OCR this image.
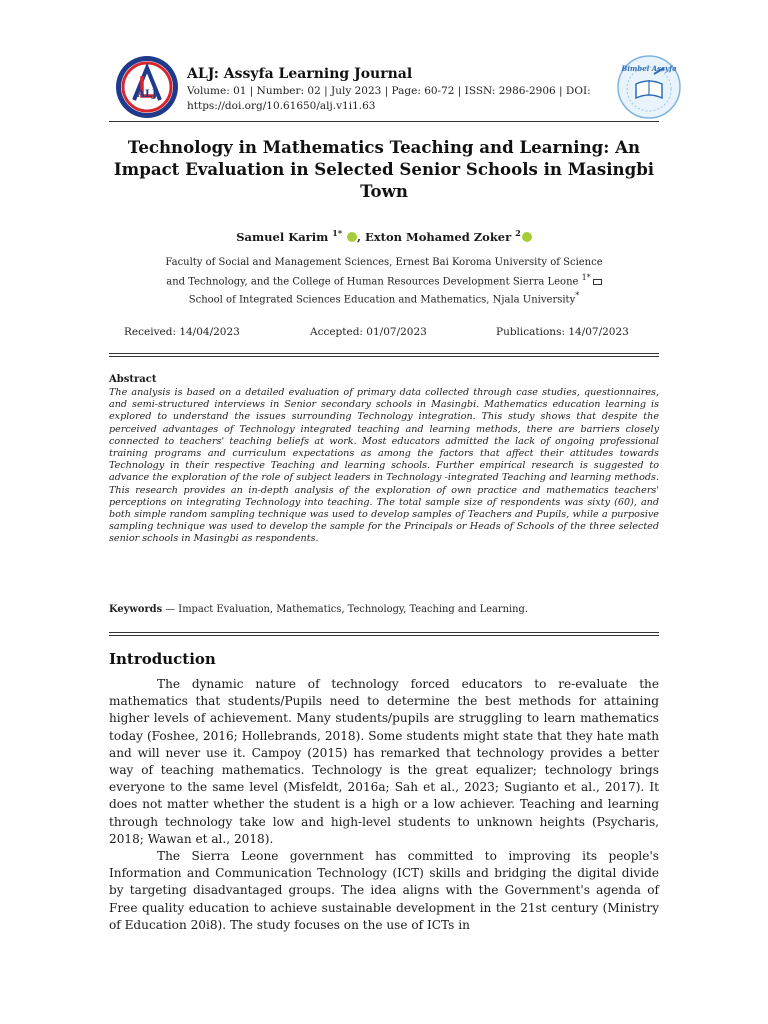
ALJ
ALJ: Assyfa Learning Journal
Volume: 01 | Number: 02 | July 2023 | Page: 60-72 | ISSN: 2986-2906 | DOI:
https://doi.org/10.61650/alj.v1i1.63
Bimbel Assyfa
Technology in Mathematics Teaching and Learning: An Impact Evaluation in Selected Senior Schools in Masingbi Town
Samuel Karim $^{1*}$ , Exton Mohamed Zoker $^2$
Faculty of Social and Management Sciences, Ernest Bai Koroma University of Science
and Technology, and the College of Human Resources Development Sierra Leone $^{1*}$
School of Integrated Sciences Education and Mathematics, Njala University*
Received: 14/04/2023	Accepted: 01/07/2023	Publications: 14/07/2023
Abstract
The analysis is based on a detailed evaluation of primary data collected through case studies, questionnaires, and semi-structured interviews in Senior secondary schools in Masingbi. Mathematics education learning is explored to understand the issues surrounding Technology integration. This study shows that despite the perceived advantages of Technology integrated teaching and learning methods, there are barriers closely connected to teachers' teaching beliefs at work. Most educators admitted the lack of ongoing professional training programs and curriculum expectations as among the factors that affect their attitudes towards Technology in their respective Teaching and learning schools. Further empirical research is suggested to advance the exploration of the role of subject leaders in Technology -integrated Teaching and learning methods. This research provides an in-depth analysis of the exploration of own practice and mathematics teachers' perceptions on integrating Technology into teaching. The total sample size of respondents was sixty (60), and both simple random sampling technique was used to develop samples of Teachers and Pupils, while a purposive sampling technique was used to develop the sample for the Principals or Heads of Schools of the three selected senior schools in Masingbi as respondents.
Keywords — Impact Evaluation, Mathematics, Technology, Teaching and Learning.
Introduction

The dynamic nature of technology forced educators to re-evaluate the mathematics that students/Pupils need to determine the best methods for attaining higher levels of achievement. Many students/pupils are struggling to learn mathematics today (Foshee, 2016; Hollebrands, 2018). Some students might state that they hate math and will never use it. Campoy (2015) has remarked that technology provides a better way of teaching mathematics. Technology is the great equalizer; technology brings everyone to the same level (Misfeldt, 2016a; Sah et al., 2023; Sugianto et al., 2017). It does not matter whether the student is a high or a low achiever. Teaching and learning through technology take low and high-level students to unknown heights (Psycharis, 2018; Wawan et al., 2018).

The Sierra Leone government has committed to improving its people's Information and Communication Technology (ICT) skills and bridging the digital divide by targeting disadvantaged groups. The idea aligns with the Government's agenda of Free quality education to achieve sustainable development in the 21st century (Ministry of Education 20i8). The study focuses on the use of ICTs in
